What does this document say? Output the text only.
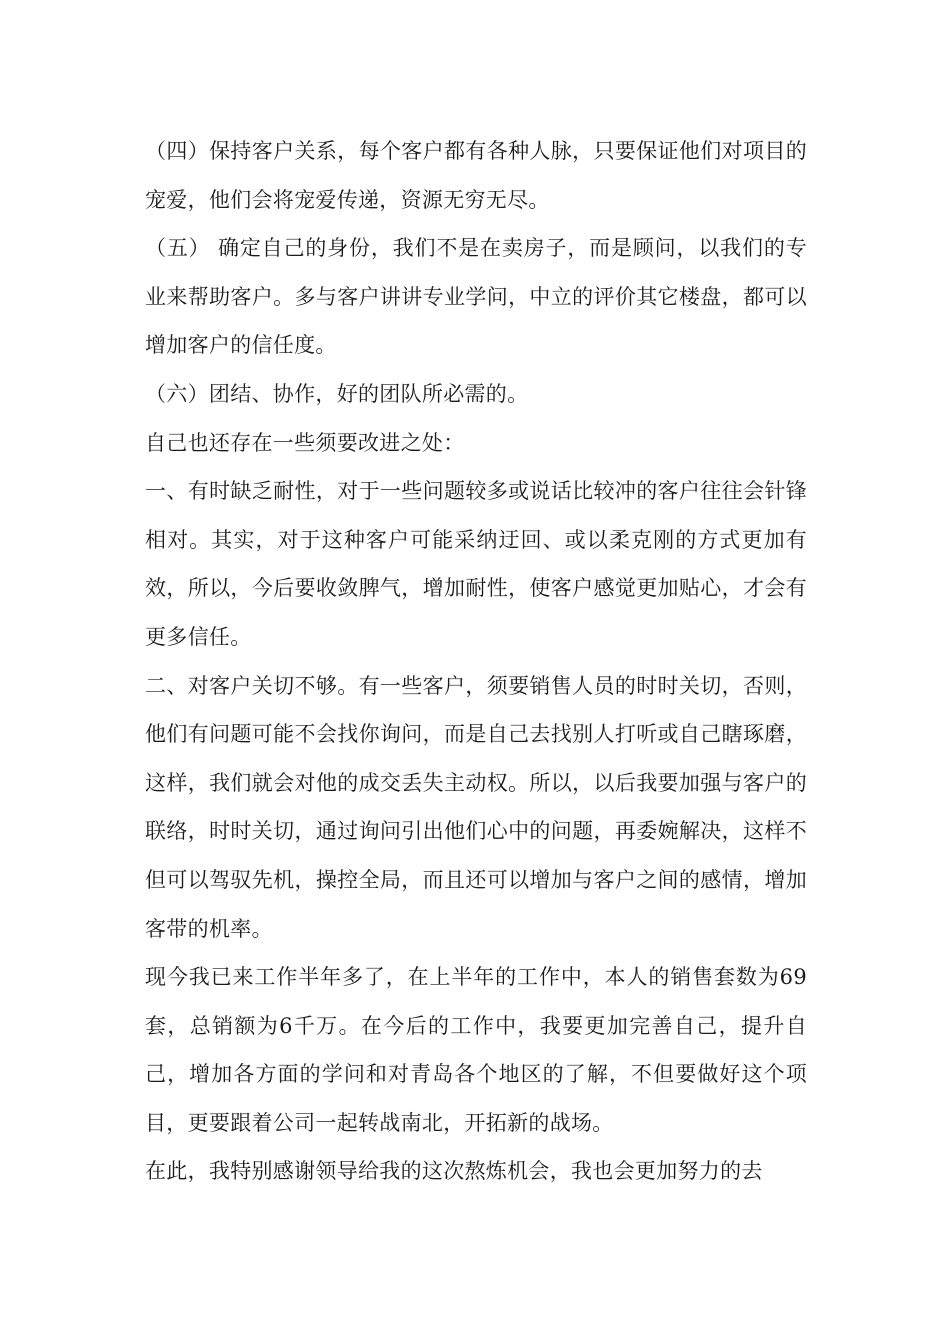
（四）保持客户关系，每个客户都有各种人脉，只要保证他们对项目的宠爱，他们会将宠爱传递，资源无穷无尽。

（五） 确定自己的身份，我们不是在卖房子，而是顾问，以我们的专业来帮助客户。多与客户讲讲专业学问，中立的评价其它楼盘，都可以增加客户的信任度。

（六）团结、协作，好的团队所必需的。

自己也还存在一些须要改进之处：

一、有时缺乏耐性，对于一些问题较多或说话比较冲的客户往往会针锋相对。其实，对于这种客户可能采纳迂回、或以柔克刚的方式更加有效，所以，今后要收敛脾气，增加耐性，使客户感觉更加贴心，才会有更多信任。

二、对客户关切不够。有一些客户，须要销售人员的时时关切，否则，他们有问题可能不会找你询问，而是自己去找别人打听或自己瞎琢磨，这样，我们就会对他的成交丢失主动权。所以，以后我要加强与客户的联络，时时关切，通过询问引出他们心中的问题，再委婉解决，这样不但可以驾驭先机，操控全局，而且还可以增加与客户之间的感情，增加客带的机率。

现今我已来工作半年多了，在上半年的工作中，本人的销售套数为69套，总销额为6千万。在今后的工作中，我要更加完善自己，提升自己，增加各方面的学问和对青岛各个地区的了解，不但要做好这个项目，更要跟着公司一起转战南北，开拓新的战场。

在此，我特别感谢领导给我的这次熬炼机会，我也会更加努力的去
